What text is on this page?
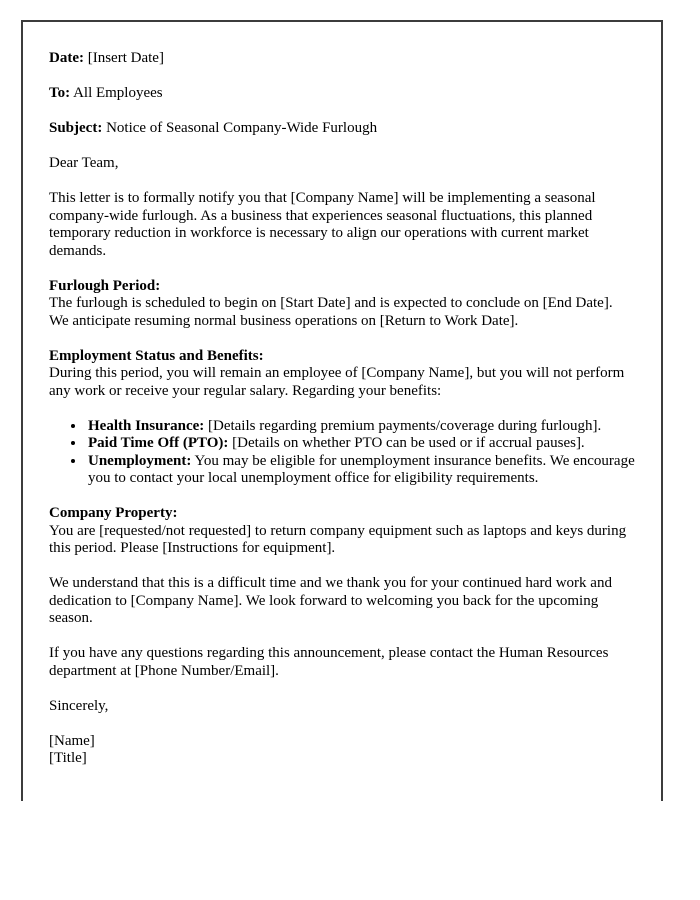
Date: [Insert Date]

To: All Employees

Subject: Notice of Seasonal Company-Wide Furlough

Dear Team,

This letter is to formally notify you that [Company Name] will be implementing a seasonal company-wide furlough. As a business that experiences seasonal fluctuations, this planned temporary reduction in workforce is necessary to align our operations with current market demands.

Furlough Period:
The furlough is scheduled to begin on [Start Date] and is expected to conclude on [End Date]. We anticipate resuming normal business operations on [Return to Work Date].

Employment Status and Benefits:
During this period, you will remain an employee of [Company Name], but you will not perform any work or receive your regular salary. Regarding your benefits:

• Health Insurance: [Details regarding premium payments/coverage during furlough].
• Paid Time Off (PTO): [Details on whether PTO can be used or if accrual pauses].
• Unemployment: You may be eligible for unemployment insurance benefits. We encourage you to contact your local unemployment office for eligibility requirements.

Company Property:
You are [requested/not requested] to return company equipment such as laptops and keys during this period. Please [Instructions for equipment].

We understand that this is a difficult time and we thank you for your continued hard work and dedication to [Company Name]. We look forward to welcoming you back for the upcoming season.

If you have any questions regarding this announcement, please contact the Human Resources department at [Phone Number/Email].

Sincerely,

[Name]
[Title]
